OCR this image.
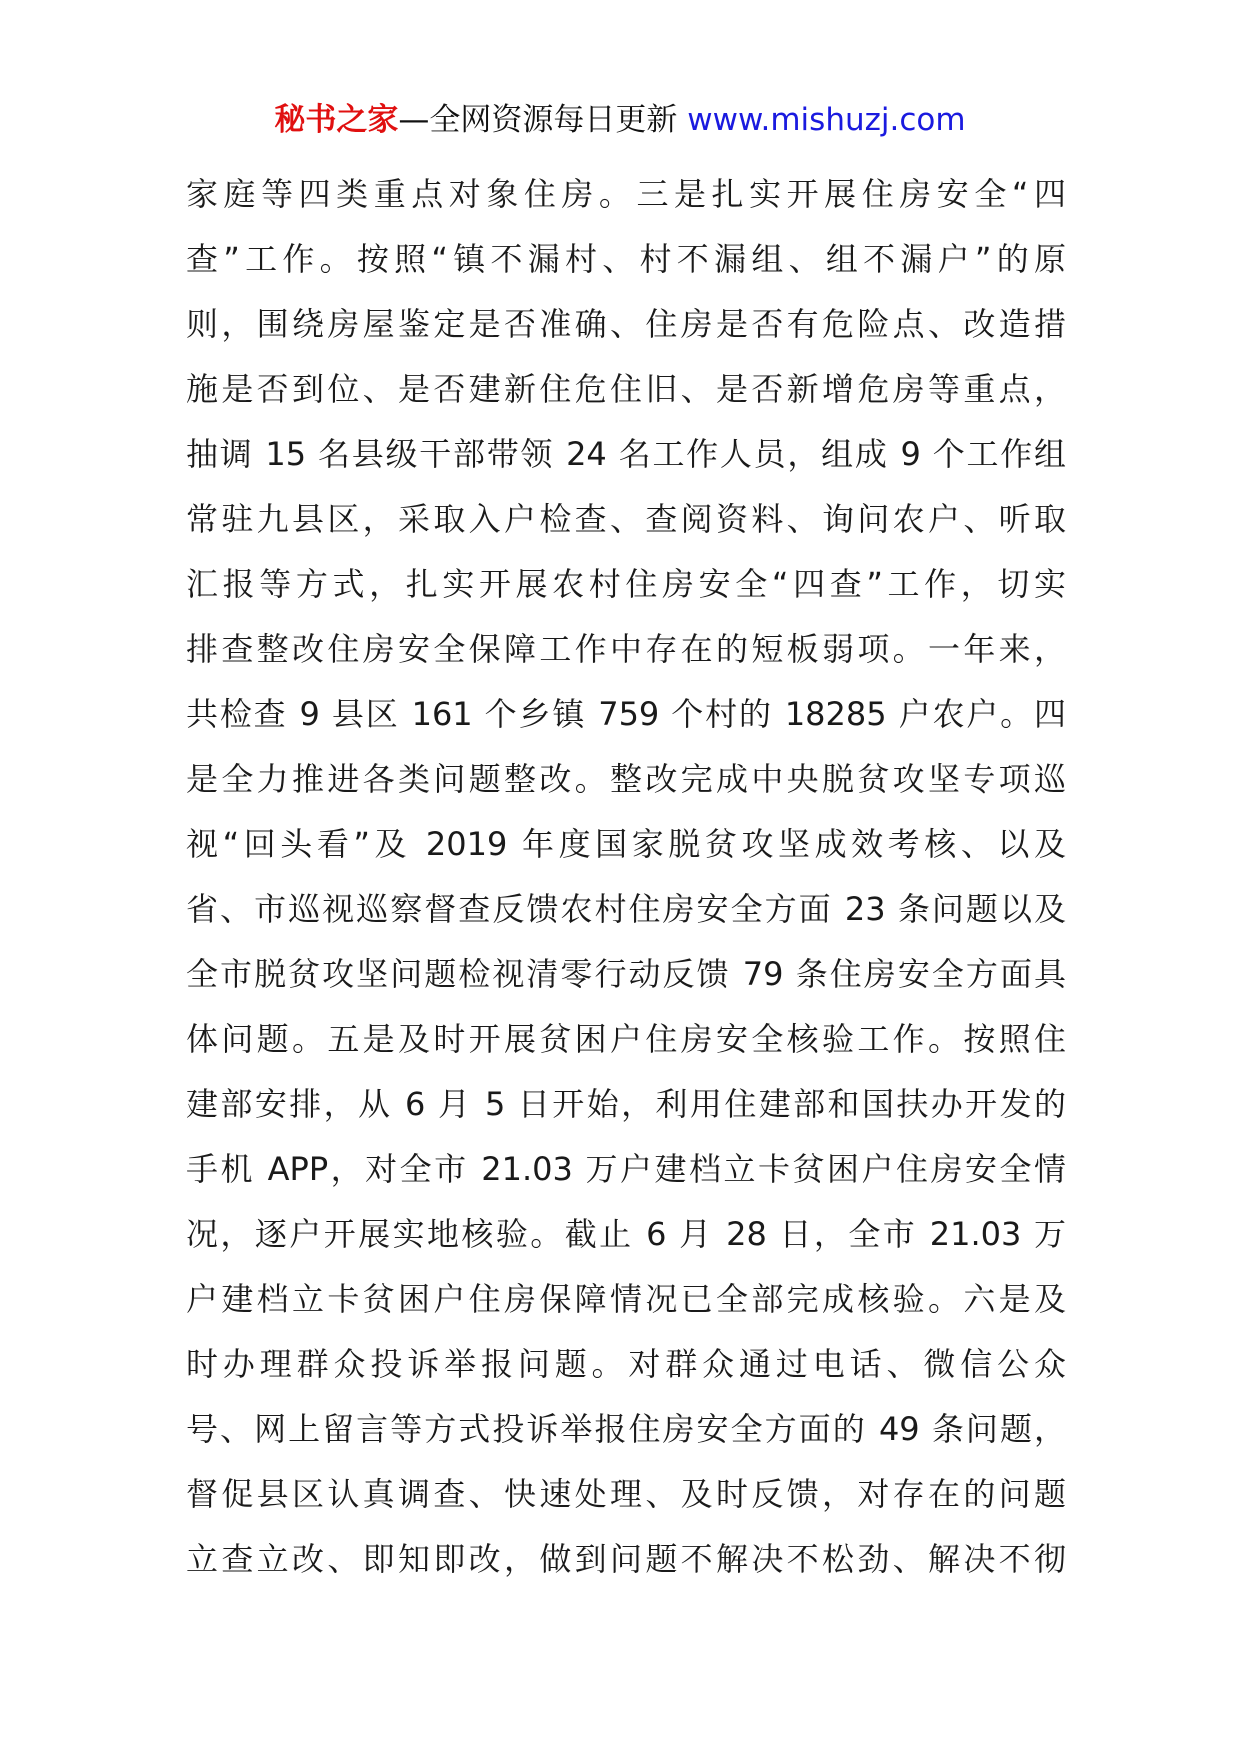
秘书之家—全网资源每日更新 www.mishuzj.com
家庭等四类重点对象住房。三是扎实开展住房安全“四
查”工作。按照“镇不漏村、村不漏组、组不漏户”的原
则，围绕房屋鉴定是否准确、住房是否有危险点、改造措
施是否到位、是否建新住危住旧、是否新增危房等重点，
抽调 15 名县级干部带领 24 名工作人员，组成 9 个工作组
常驻九县区，采取入户检查、查阅资料、询问农户、听取
汇报等方式，扎实开展农村住房安全“四查”工作，切实
排查整改住房安全保障工作中存在的短板弱项。一年来，
共检查 9 县区 161 个乡镇 759 个村的 18285 户农户。四
是全力推进各类问题整改。整改完成中央脱贫攻坚专项巡
视“回头看”及 2019 年度国家脱贫攻坚成效考核、以及
省、市巡视巡察督查反馈农村住房安全方面 23 条问题以及
全市脱贫攻坚问题检视清零行动反馈 79 条住房安全方面具
体问题。五是及时开展贫困户住房安全核验工作。按照住
建部安排，从 6 月 5 日开始，利用住建部和国扶办开发的
手机 APP，对全市 21.03 万户建档立卡贫困户住房安全情
况，逐户开展实地核验。截止 6 月 28 日，全市 21.03 万
户建档立卡贫困户住房保障情况已全部完成核验。六是及
时办理群众投诉举报问题。对群众通过电话、微信公众
号、网上留言等方式投诉举报住房安全方面的 49 条问题，
督促县区认真调查、快速处理、及时反馈，对存在的问题
立查立改、即知即改，做到问题不解决不松劲、解决不彻
